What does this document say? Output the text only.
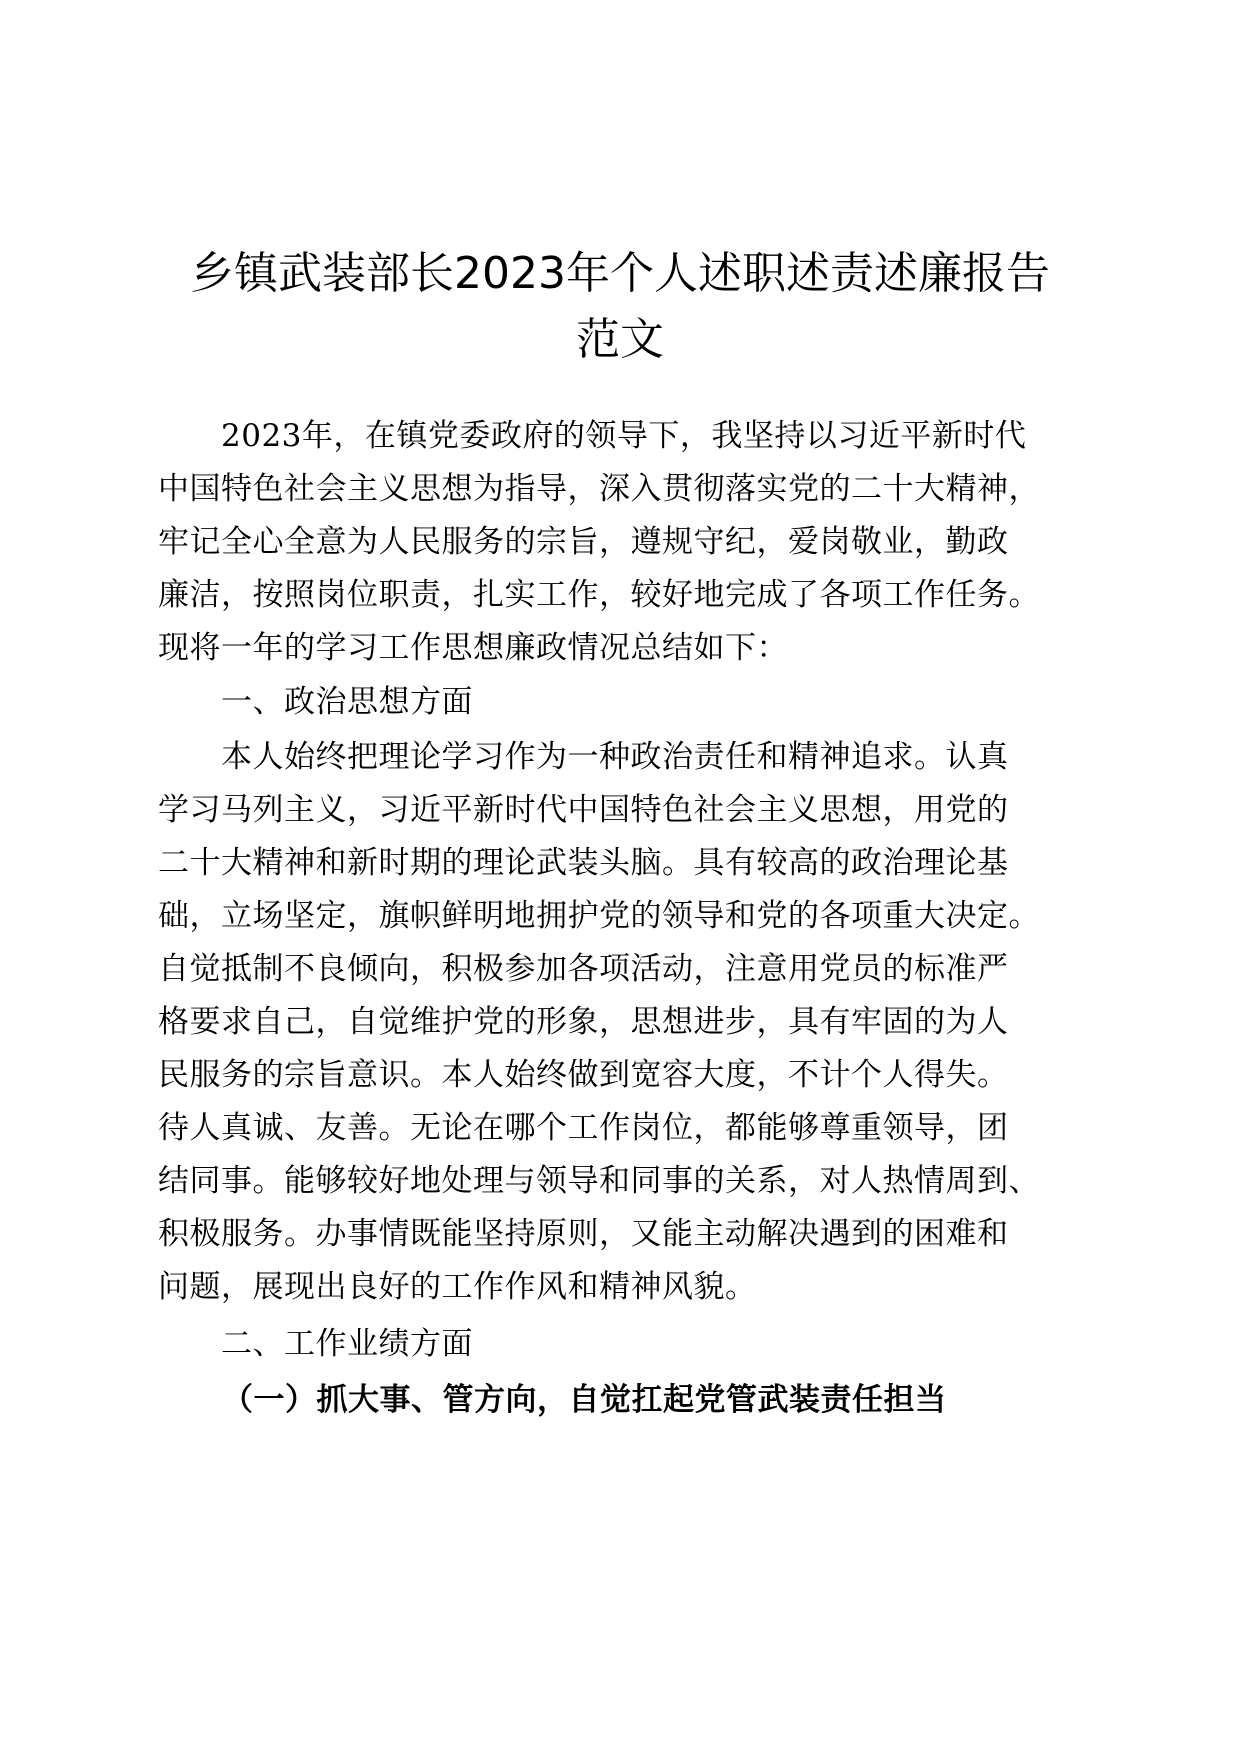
乡镇武装部长2023年个人述职述责述廉报告
范文
2023年，在镇党委政府的领导下，我坚持以习近平新时代
中国特色社会主义思想为指导，深入贯彻落实党的二十大精神，
牢记全心全意为人民服务的宗旨，遵规守纪，爱岗敬业，勤政
廉洁，按照岗位职责，扎实工作，较好地完成了各项工作任务。
现将一年的学习工作思想廉政情况总结如下：
一、政治思想方面
本人始终把理论学习作为一种政治责任和精神追求。认真
学习马列主义，习近平新时代中国特色社会主义思想，用党的
二十大精神和新时期的理论武装头脑。具有较高的政治理论基
础，立场坚定，旗帜鲜明地拥护党的领导和党的各项重大决定。
自觉抵制不良倾向，积极参加各项活动，注意用党员的标准严
格要求自己，自觉维护党的形象，思想进步，具有牢固的为人
民服务的宗旨意识。本人始终做到宽容大度，不计个人得失。
待人真诚、友善。无论在哪个工作岗位，都能够尊重领导，团
结同事。能够较好地处理与领导和同事的关系，对人热情周到、
积极服务。办事情既能坚持原则，又能主动解决遇到的困难和
问题，展现出良好的工作作风和精神风貌。
二、工作业绩方面
（一）抓大事、管方向，自觉扛起党管武装责任担当
